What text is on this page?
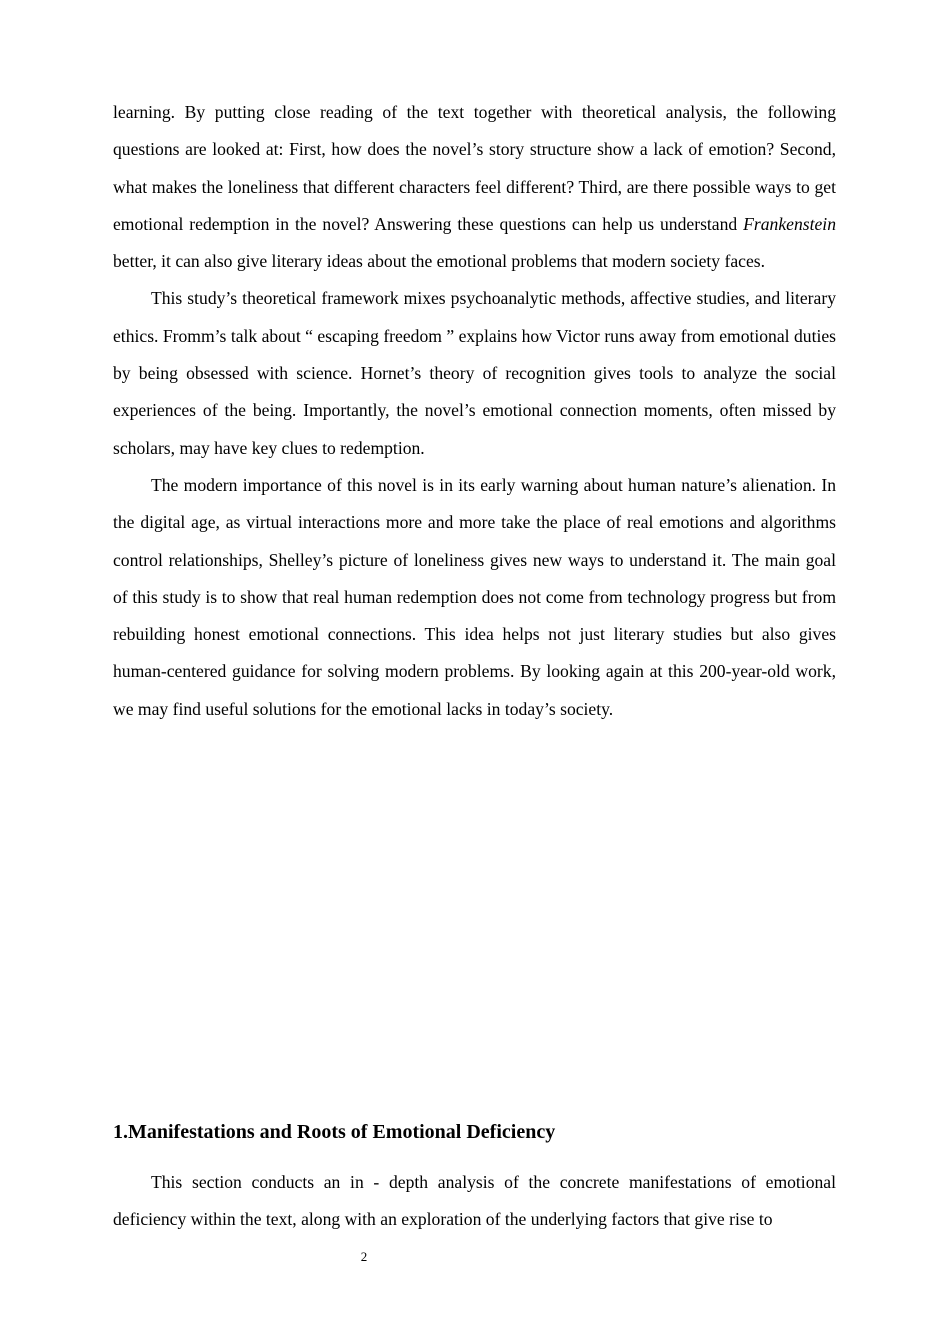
learning. By putting close reading of the text together with theoretical analysis, the following questions are looked at: First, how does the novel’s story structure show a lack of emotion? Second, what makes the loneliness that different characters feel different? Third, are there possible ways to get emotional redemption in the novel? Answering these questions can help us understand Frankenstein better, it can also give literary ideas about the emotional problems that modern society faces.

This study’s theoretical framework mixes psychoanalytic methods, affective studies, and literary ethics. Fromm’s talk about “ escaping freedom ” explains how Victor runs away from emotional duties by being obsessed with science. Hornet’s theory of recognition gives tools to analyze the social experiences of the being. Importantly, the novel’s emotional connection moments, often missed by scholars, may have key clues to redemption.

The modern importance of this novel is in its early warning about human nature’s alienation. In the digital age, as virtual interactions more and more take the place of real emotions and algorithms control relationships, Shelley’s picture of loneliness gives new ways to understand it. The main goal of this study is to show that real human redemption does not come from technology progress but from rebuilding honest emotional connections. This idea helps not just literary studies but also gives human-centered guidance for solving modern problems. By looking again at this 200-year-old work, we may find useful solutions for the emotional lacks in today’s society.

1.Manifestations and Roots of Emotional Deficiency

This section conducts an in - depth analysis of the concrete manifestations of emotional deficiency within the text, along with an exploration of the underlying factors that give rise to

2
